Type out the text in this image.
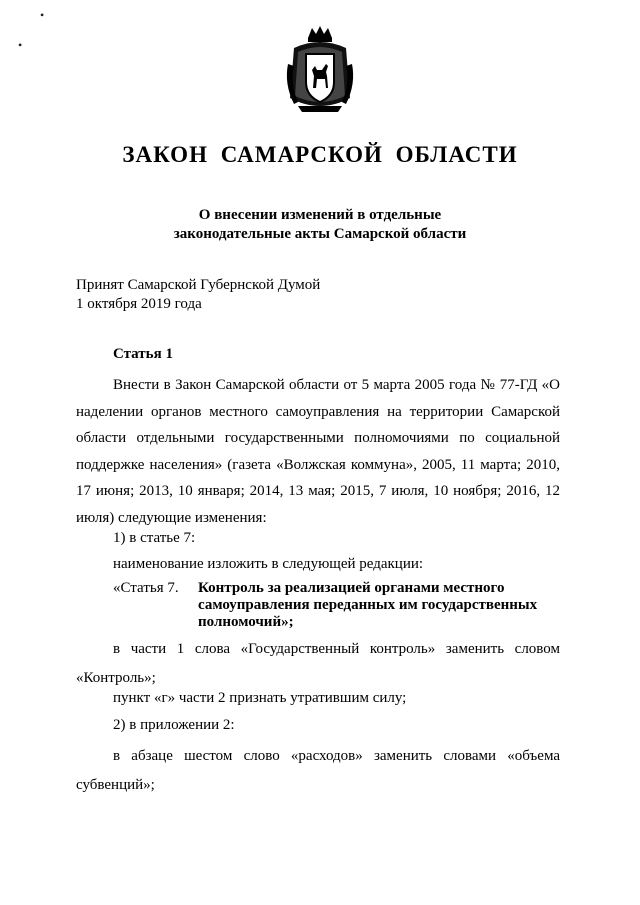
•
•
ЗАКОН САМАРСКОЙ ОБЛАСТИ
О внесении изменений в отдельные
законодательные акты Самарской области
Принят Самарской Губернской Думой
1 октября 2019 года
Статья 1
Внести в Закон Самарской области от 5 марта 2005 года № 77-ГД «О наделении органов местного самоуправления на территории Самарской области отдельными государственными полномочиями по социальной поддержке населения» (газета «Волжская коммуна», 2005, 11 марта; 2010, 17 июня; 2013, 10 января; 2014, 13 мая; 2015, 7 июля, 10 ноября; 2016, 12 июля) следующие изменения:
1) в статье 7:
наименование изложить в следующей редакции:
«Статья 7. Контроль за реализацией органами местного самоуправления переданных им государственных полномочий»;
в части 1 слова «Государственный контроль» заменить словом «Контроль»;
пункт «г» части 2 признать утратившим силу;
2) в приложении 2:
в абзаце шестом слово «расходов» заменить словами «объема субвенций»;
